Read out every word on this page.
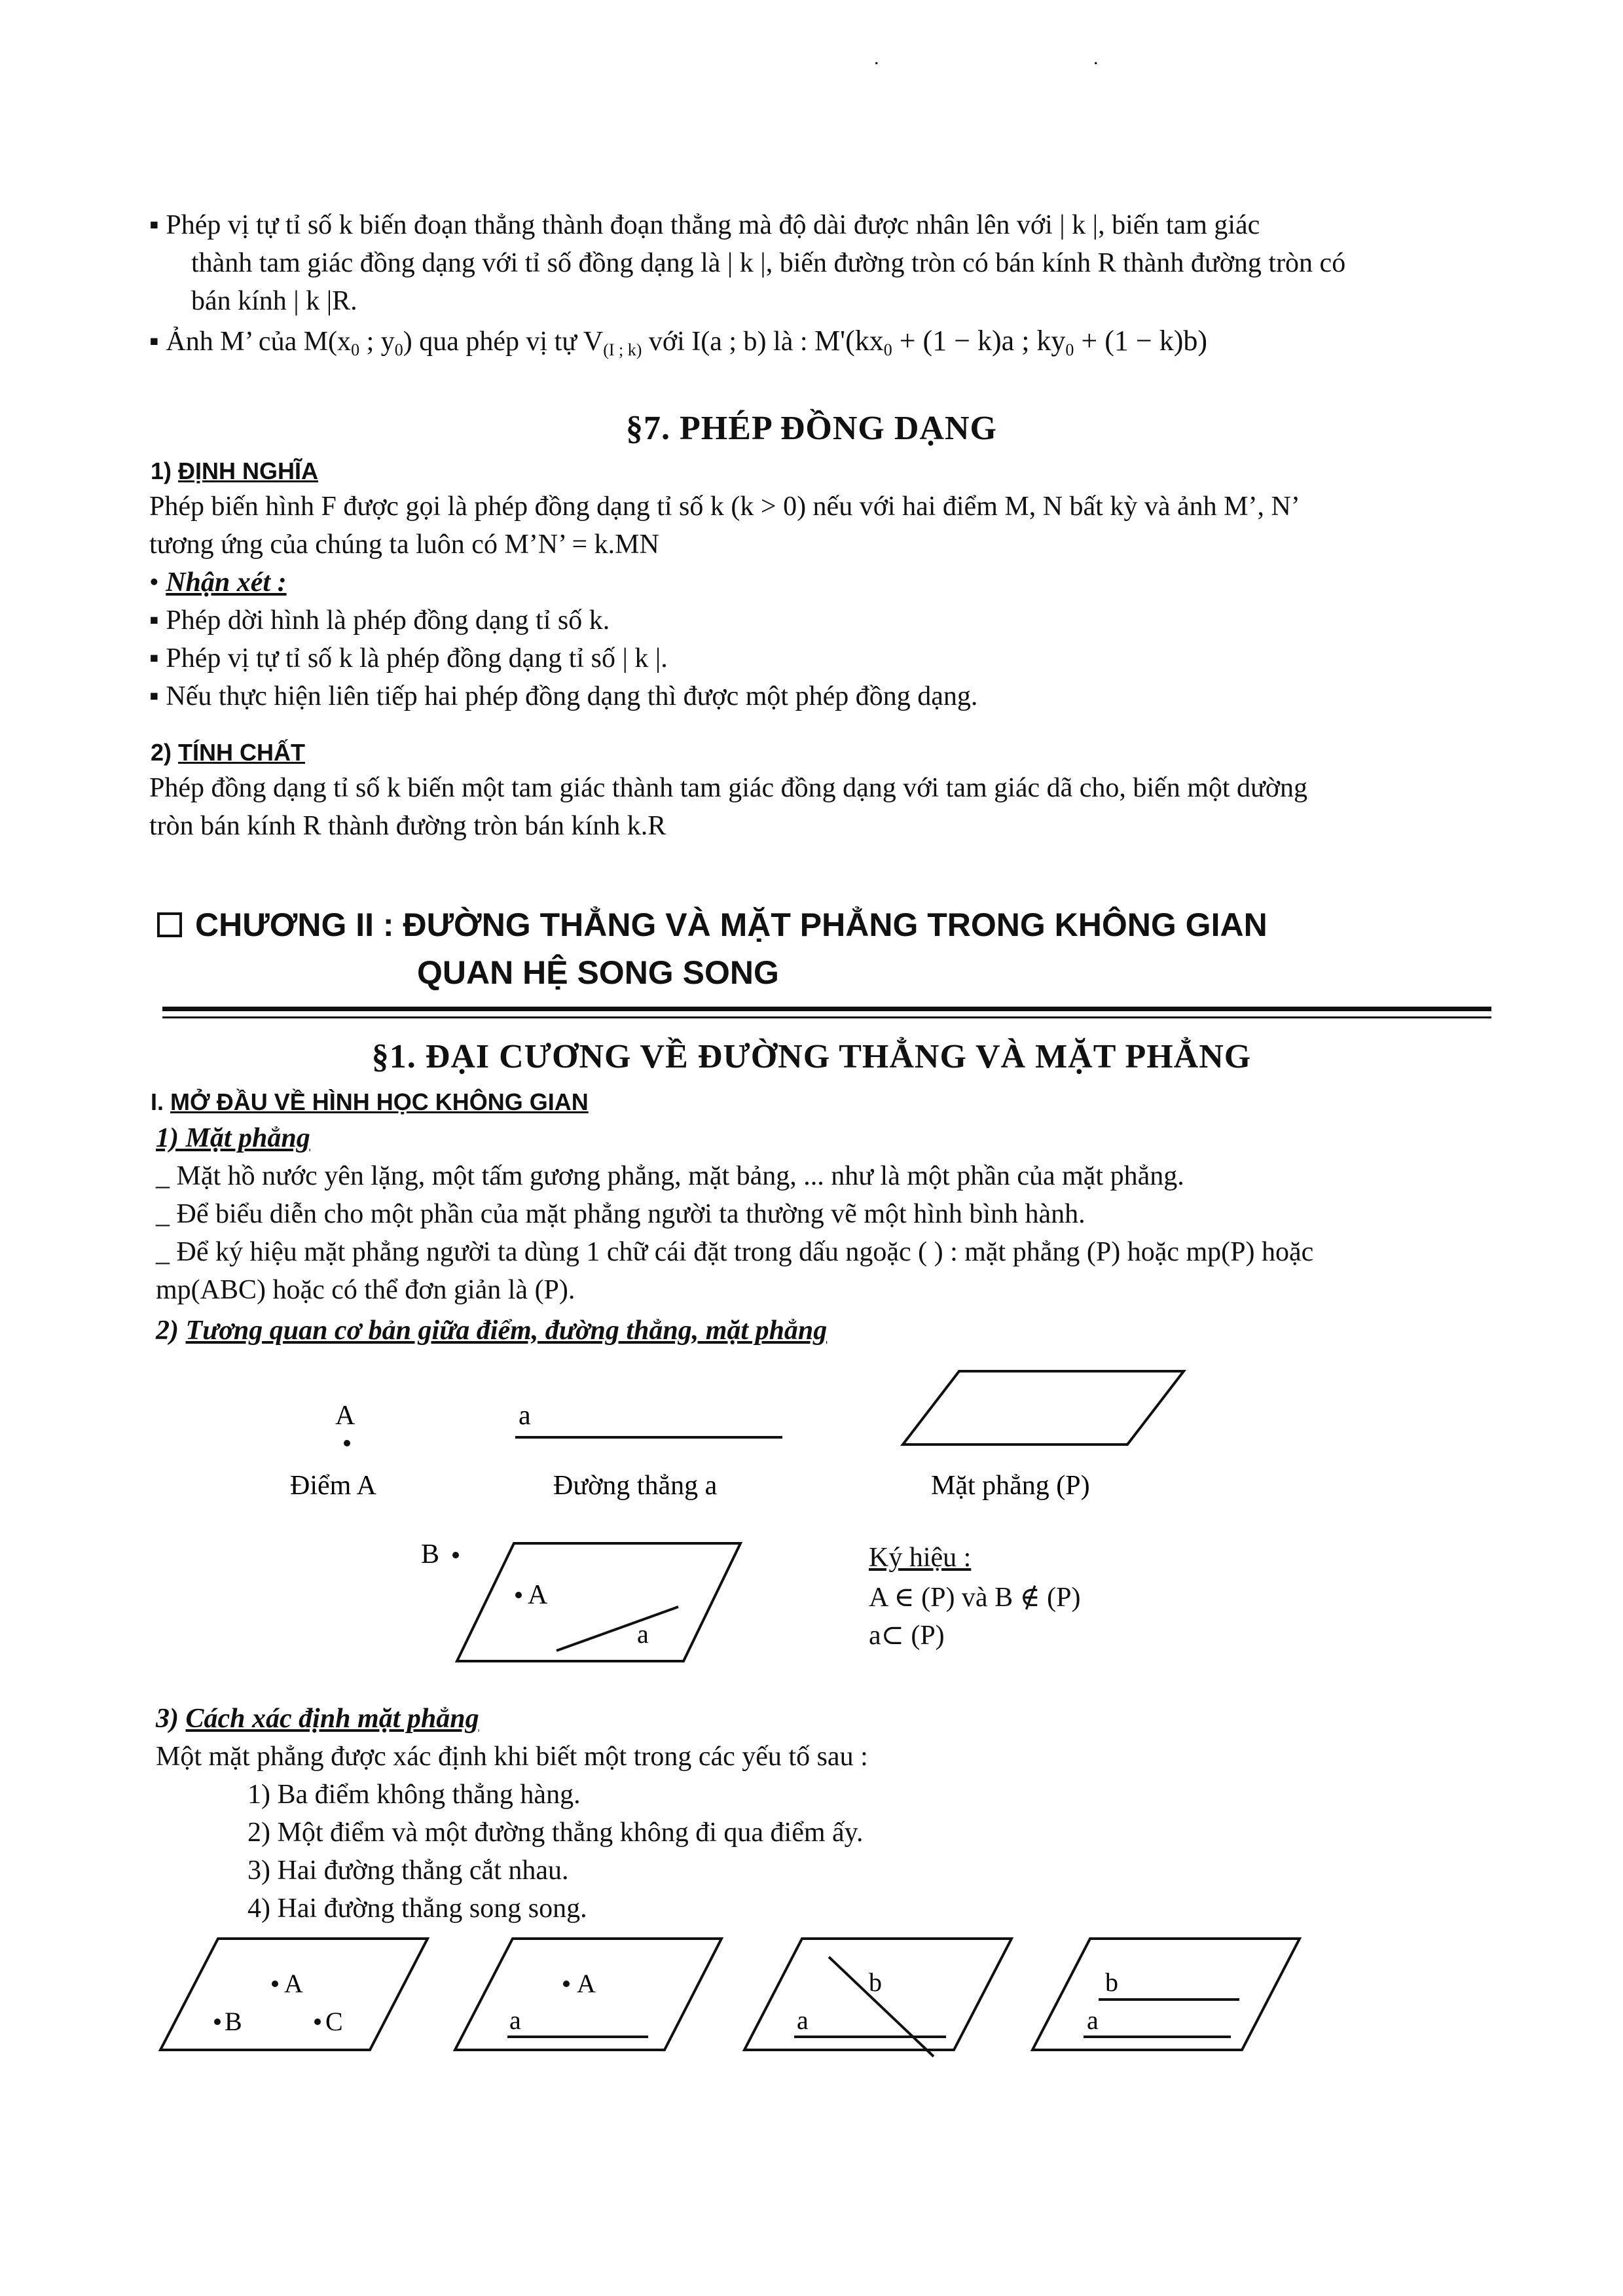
. .
▪ Phép vị tự tỉ số k biến đoạn thẳng thành đoạn thẳng mà độ dài được nhân lên với | k |, biến tam giác
thành tam giác đồng dạng với tỉ số đồng dạng là | k |, biến đường tròn có bán kính R thành đường tròn có
bán kính | k |R.
▪ Ảnh M’ của $M(x_0$ ; $y_0$) qua phép vị tự $V_{(I ; k)}$ với I(a ; b) là : $M'(kx_0 + (1 - k)a$ ; $ky_0 + (1 - k)b$)
§7. PHÉP ĐỒNG DẠNG
1) ĐỊNH NGHĨA
Phép biến hình F được gọi là phép đồng dạng tỉ số k (k > 0) nếu với hai điểm M, N bất kỳ và ảnh M’, N’
tương ứng của chúng ta luôn có M’N’ = k.MN
• Nhận xét :
▪ Phép dời hình là phép đồng dạng tỉ số k.
▪ Phép vị tự tỉ số k là phép đồng dạng tỉ số | k |.
▪ Nếu thực hiện liên tiếp hai phép đồng dạng thì được một phép đồng dạng.
2) TÍNH CHẤT
Phép đồng dạng tỉ số k biến một tam giác thành tam giác đồng dạng với tam giác dã cho, biến một dường
tròn bán kính R thành đường tròn bán kính k.R
CHƯƠNG II : ĐƯỜNG THẲNG VÀ MẶT PHẲNG TRONG KHÔNG GIAN
QUAN HỆ SONG SONG
§1. ĐẠI CƯƠNG VỀ ĐƯỜNG THẲNG VÀ MẶT PHẲNG
I. MỞ ĐẦU VỀ HÌNH HỌC KHÔNG GIAN
1) Mặt phẳng
_ Mặt hồ nước yên lặng, một tấm gương phẳng, mặt bảng, ... như là một phần của mặt phẳng.
_ Để biểu diễn cho một phần của mặt phẳng người ta thường vẽ một hình bình hành.
_ Để ký hiệu mặt phẳng người ta dùng 1 chữ cái đặt trong dấu ngoặc ( ) : mặt phẳng (P) hoặc mp(P) hoặc
mp(ABC) hoặc có thể đơn giản là (P).
2) Tương quan cơ bản giữa điểm, đường thẳng, mặt phẳng
A
Điểm A
a
Đường thẳng a	Mặt phẳng (P)
B
A
a
A
B	C
A
a
b
a
b
a
Ký hiệu :
A ∈ (P) và B ∉ (P)
a⊂ (P)
3) Cách xác định mặt phẳng
Một mặt phẳng được xác định khi biết một trong các yếu tố sau :
1) Ba điểm không thẳng hàng.
2) Một điểm và một đường thẳng không đi qua điểm ấy.
3) Hai đường thẳng cắt nhau.
4) Hai đường thẳng song song.
